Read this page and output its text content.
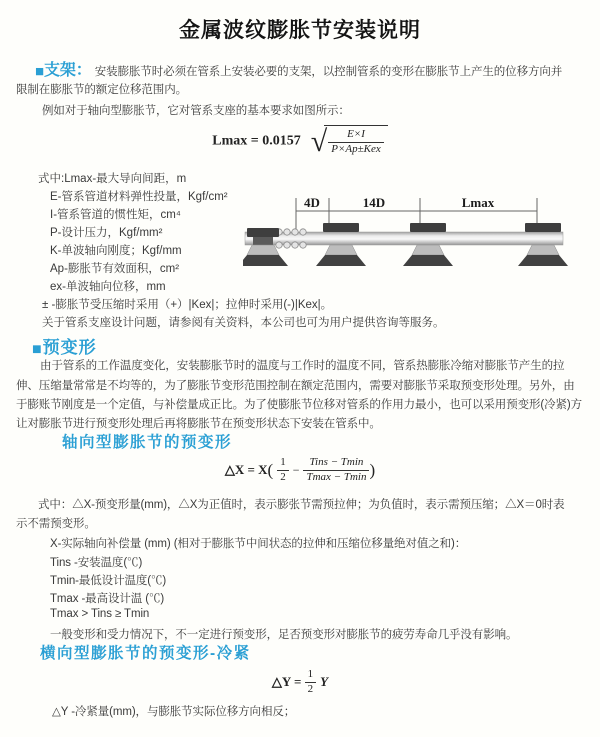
金属波纹膨胀节安装说明
■支架： 安装膨胀节时必须在管系上安装必要的支架，以控制管系的变形在膨胀节上产生的位移方向并
限制在膨胀节的额定位移范围内。
例如对于轴向型膨胀节，它对管系支座的基本要求如图所示：
Lmax = 0.0157 √ $\frac{E\times I}{\text{P×Ap±Kex}}$
式中:Lmax-最大导向间距，m
E-管系管道材料弹性投量，Kgf/cm²
I-管系管道的惯性矩，cm⁴
P-设计压力，Kgf/mm²
K-单波轴向刚度；Kgf/mm
Ap-膨胀节有效面积，cm²
ex-单波轴向位移，mm
± -膨胀节受压缩时采用（+）|Kex|；拉伸时采用(-)|Kex|。
关于管系支座设计问题，请参阅有关资料，本公司也可为用户提供咨询等服务。
4D	14D	Lmax
■预变形
由于管系的工作温度变化，安装膨胀节时的温度与工作时的温度不同，管系热膨胀冷缩对膨胀节产生的拉
伸、压缩量常常是不均等的，为了膨胀节变形范围控制在额定范围内，需要对膨胀节采取预变形处理。另外，由
于膨账节刚度是一个定值，与补偿量成正比。为了使膨胀节位移对管系的作用力最小，也可以采用预变形(冷紧)方
让对膨胀节进行预变形处理后再将膨胀节在预变形状态下安装在管系中。
轴向型膨胀节的预变形
△X = $X( \frac{1}{2} - \frac{\text{Tins − Tmin}}{Tmax - Tmin}$ )
式中：△X-预变形量(mm)，△X为正值时，表示膨张节需预拉伸；为负值时，表示需预压缩；△X＝0时表
示不需预变形。
X-实际轴向补偿量 (mm) (相对于膨胀节中间状态的拉伸和压缩位移量绝对值之和)：
Tins -安装温度(℃)
Tmin-最低设计温度(℃)
Tmax -最高设计温 (℃)
Tmax > Tins ≥ Tmin
一般变形和受力情况下，不一定进行预变形，足否预变形对膨胀节的疲劳寿命几乎没有影响。
横向型膨胀节的预变形-冷紧
△Y = $\frac{1}{2}$ Y
△Y -冷紧量(mm)，与膨胀节实际位移方向相反；
